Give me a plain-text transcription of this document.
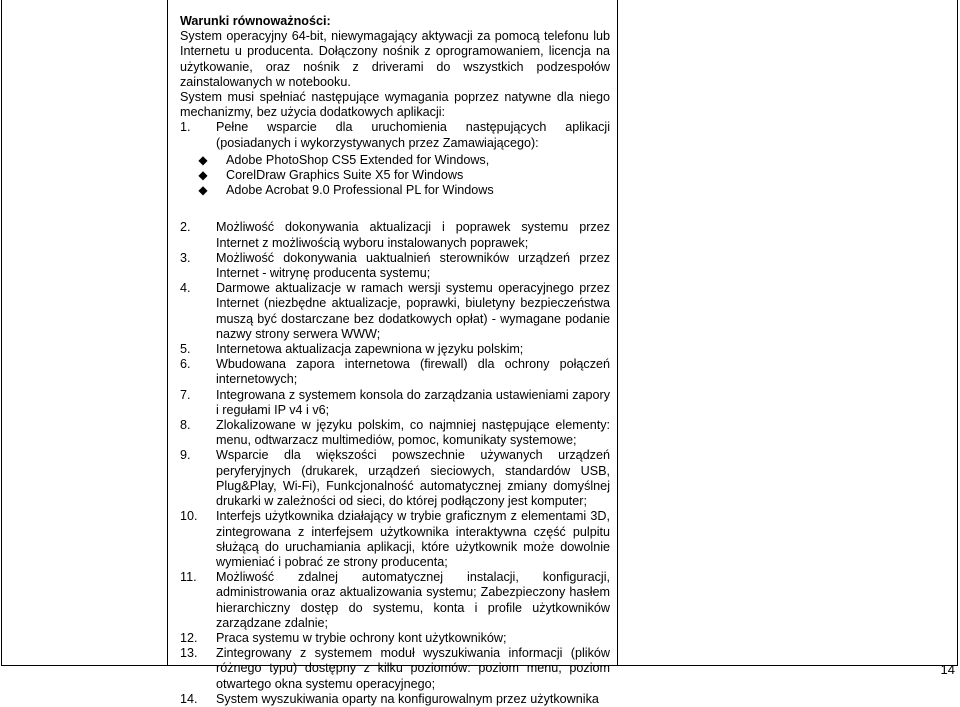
Warunki równoważności:

System operacyjny 64-bit, niewymagający aktywacji za pomocą telefonu lub Internetu u producenta. Dołączony nośnik z oprogramowaniem, licencja na użytkowanie, oraz nośnik z driverami do wszystkich podzespołów zainstalowanych w notebooku.

System musi spełniać następujące wymagania poprzez natywne dla niego mechanizmy, bez użycia dodatkowych aplikacji:

1.	Pełne wsparcie dla uruchomienia następujących aplikacji (posiadanych i wykorzystywanych przez Zamawiającego):
◆	Adobe PhotoShop CS5 Extended for Windows,
◆	CorelDraw Graphics Suite X5 for Windows
◆	Adobe Acrobat 9.0 Professional PL for Windows
2.	Możliwość dokonywania aktualizacji i poprawek systemu przez Internet z możliwością wyboru instalowanych poprawek;
3.	Możliwość dokonywania uaktualnień sterowników urządzeń przez Internet - witrynę producenta systemu;
4.	Darmowe aktualizacje w ramach wersji systemu operacyjnego przez Internet (niezbędne aktualizacje, poprawki, biuletyny bezpieczeństwa muszą być dostarczane bez dodatkowych opłat) - wymagane podanie nazwy strony serwera WWW;
5.	Internetowa aktualizacja zapewniona w języku polskim;
6.	Wbudowana zapora internetowa (firewall) dla ochrony połączeń internetowych;
7.	Integrowana z systemem konsola do zarządzania ustawieniami zapory i regułami IP v4 i v6;
8.	Zlokalizowane w języku polskim, co najmniej następujące elementy: menu, odtwarzacz multimediów, pomoc, komunikaty systemowe;
9.	Wsparcie dla większości powszechnie używanych urządzeń peryferyjnych (drukarek, urządzeń sieciowych, standardów USB, Plug&Play, Wi-Fi), Funkcjonalność automatycznej zmiany domyślnej drukarki w zależności od sieci, do której podłączony jest komputer;
10.	Interfejs użytkownika działający w trybie graficznym z elementami 3D, zintegrowana z interfejsem użytkownika interaktywna część pulpitu służącą do uruchamiania aplikacji, które użytkownik może dowolnie wymieniać i pobrać ze strony producenta;
11.	Możliwość zdalnej automatycznej instalacji, konfiguracji, administrowania oraz aktualizowania systemu; Zabezpieczony hasłem hierarchiczny dostęp do systemu, konta i profile użytkowników zarządzane zdalnie;
12.	Praca systemu w trybie ochrony kont użytkowników;
13.	Zintegrowany z systemem moduł wyszukiwania informacji (plików różnego typu) dostępny z kilku poziomów: poziom menu, poziom otwartego okna systemu operacyjnego;
14.	System wyszukiwania oparty na konfigurowalnym przez użytkownika
14
